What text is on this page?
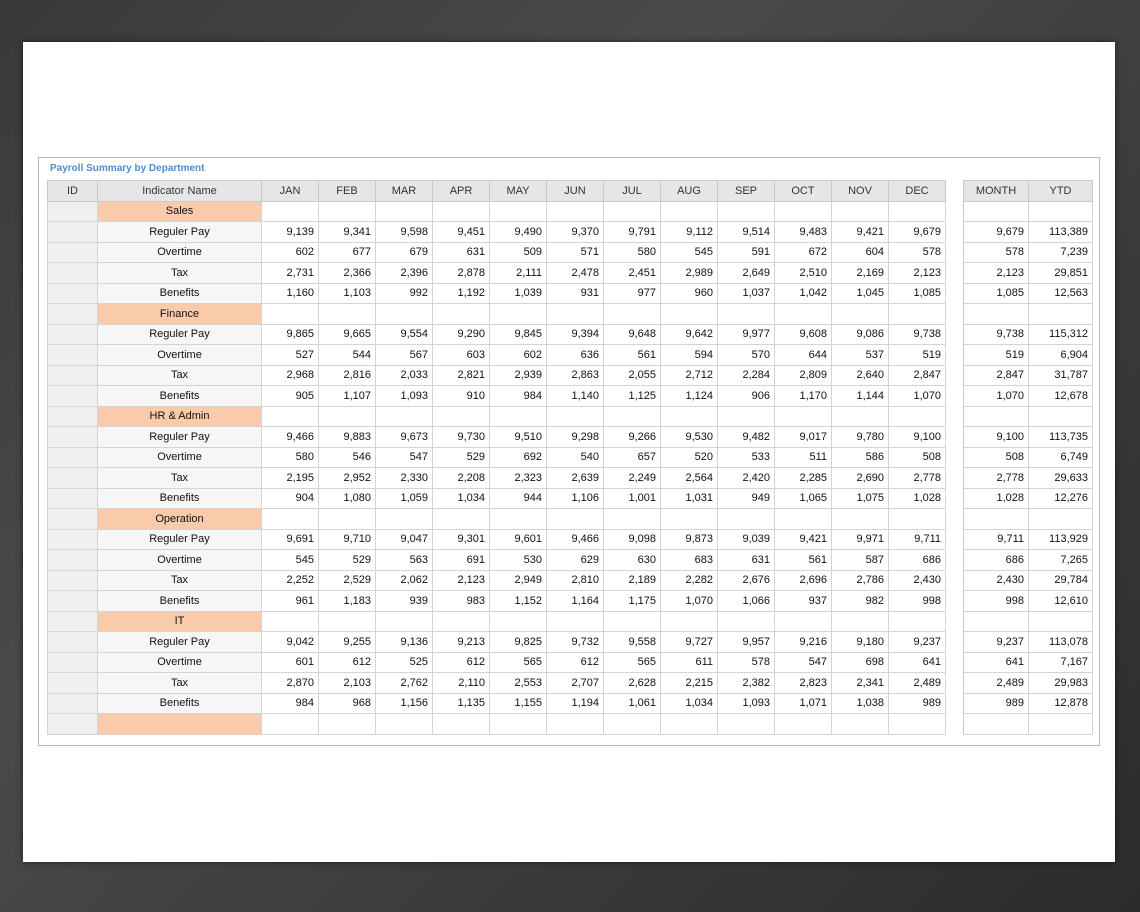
Payroll Summary by Department
ID	Indicator Name	JAN	FEB	MAR	APR	MAY	JUN	JUL	AUG	SEP	OCT	NOV	DEC		MONTH	YTD
	Sales															
	Reguler Pay	9,139	9,341	9,598	9,451	9,490	9,370	9,791	9,112	9,514	9,483	9,421	9,679		9,679	113,389
	Overtime	602	677	679	631	509	571	580	545	591	672	604	578		578	7,239
	Tax	2,731	2,366	2,396	2,878	2,111	2,478	2,451	2,989	2,649	2,510	2,169	2,123		2,123	29,851
	Benefits	1,160	1,103	992	1,192	1,039	931	977	960	1,037	1,042	1,045	1,085		1,085	12,563
	Finance															
	Reguler Pay	9,865	9,665	9,554	9,290	9,845	9,394	9,648	9,642	9,977	9,608	9,086	9,738		9,738	115,312
	Overtime	527	544	567	603	602	636	561	594	570	644	537	519		519	6,904
	Tax	2,968	2,816	2,033	2,821	2,939	2,863	2,055	2,712	2,284	2,809	2,640	2,847		2,847	31,787
	Benefits	905	1,107	1,093	910	984	1,140	1,125	1,124	906	1,170	1,144	1,070		1,070	12,678
	HR & Admin															
	Reguler Pay	9,466	9,883	9,673	9,730	9,510	9,298	9,266	9,530	9,482	9,017	9,780	9,100		9,100	113,735
	Overtime	580	546	547	529	692	540	657	520	533	511	586	508		508	6,749
	Tax	2,195	2,952	2,330	2,208	2,323	2,639	2,249	2,564	2,420	2,285	2,690	2,778		2,778	29,633
	Benefits	904	1,080	1,059	1,034	944	1,106	1,001	1,031	949	1,065	1,075	1,028		1,028	12,276
	Operation															
	Reguler Pay	9,691	9,710	9,047	9,301	9,601	9,466	9,098	9,873	9,039	9,421	9,971	9,711		9,711	113,929
	Overtime	545	529	563	691	530	629	630	683	631	561	587	686		686	7,265
	Tax	2,252	2,529	2,062	2,123	2,949	2,810	2,189	2,282	2,676	2,696	2,786	2,430		2,430	29,784
	Benefits	961	1,183	939	983	1,152	1,164	1,175	1,070	1,066	937	982	998		998	12,610
	IT															
	Reguler Pay	9,042	9,255	9,136	9,213	9,825	9,732	9,558	9,727	9,957	9,216	9,180	9,237		9,237	113,078
	Overtime	601	612	525	612	565	612	565	611	578	547	698	641		641	7,167
	Tax	2,870	2,103	2,762	2,110	2,553	2,707	2,628	2,215	2,382	2,823	2,341	2,489		2,489	29,983
	Benefits	984	968	1,156	1,135	1,155	1,194	1,061	1,034	1,093	1,071	1,038	989		989	12,878
